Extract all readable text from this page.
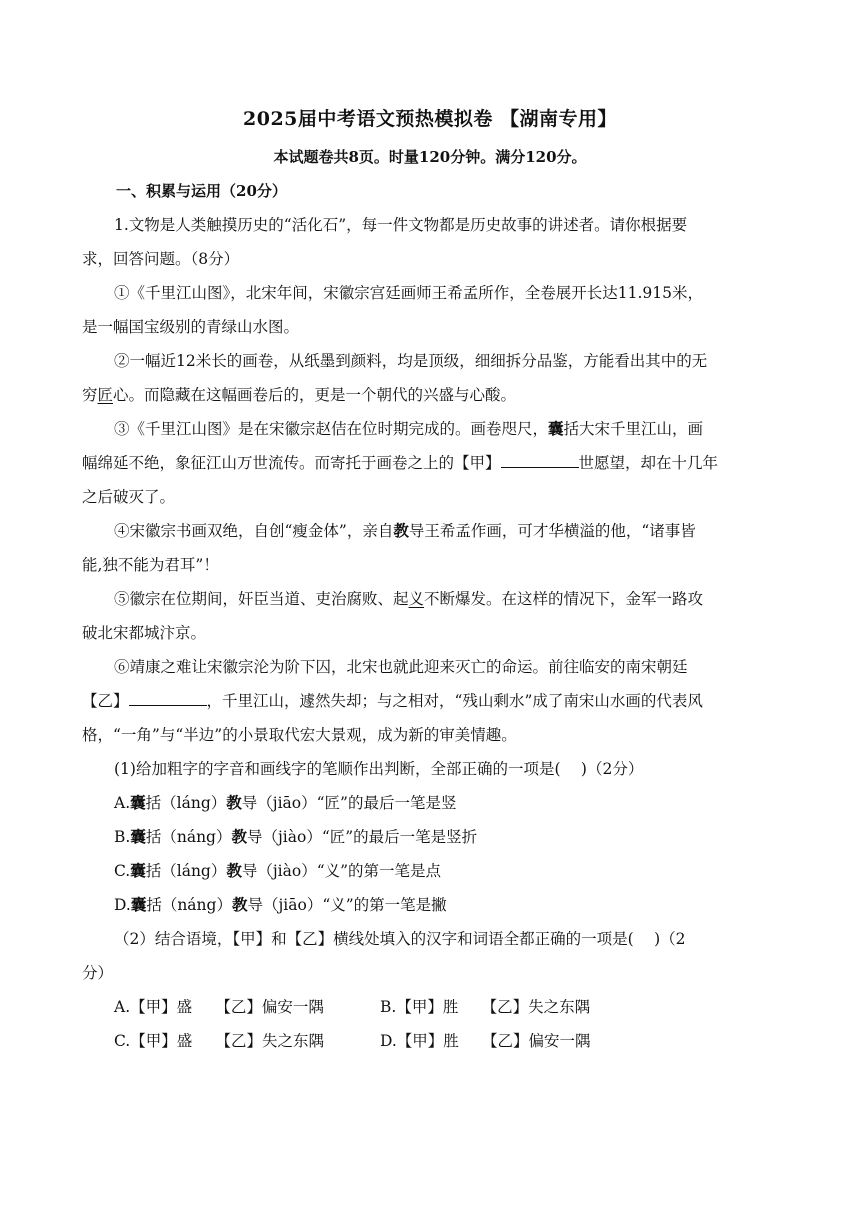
2025届中考语文预热模拟卷 【湖南专用】
本试题卷共8页。时量120分钟。满分120分。
一、积累与运用（20分）
1.文物是人类触摸历史的“活化石”，每一件文物都是历史故事的讲述者。请你根据要
求，回答问题。（8分）
①《千里江山图》，北宋年间，宋徽宗宫廷画师王希孟所作，全卷展开长达11.915米，
是一幅国宝级别的青绿山水图。
②一幅近12米长的画卷，从纸墨到颜料，均是顶级，细细拆分品鉴，方能看出其中的无
穷匠心。而隐藏在这幅画卷后的，更是一个朝代的兴盛与心酸。
③《千里江山图》是在宋徽宗赵佶在位时期完成的。画卷咫尺，囊括大宋千里江山，画
幅绵延不绝，象征江山万世流传。而寄托于画卷之上的【甲】	世愿望，却在十几年
之后破灭了。
④宋徽宗书画双绝，自创“瘦金体”，亲自教导王希孟作画，可才华横溢的他，“诸事皆
能,独不能为君耳”！
⑤徽宗在位期间，奸臣当道、吏治腐败、起义不断爆发。在这样的情况下，金军一路攻
破北宋都城汴京。
⑥靖康之难让宋徽宗沦为阶下囚，北宋也就此迎来灭亡的命运。前往临安的南宋朝廷
【乙】	，千里江山，遽然失却；与之相对，“残山剩水”成了南宋山水画的代表风
格，“一角”与“半边”的小景取代宏大景观，成为新的审美情趣。
(1)给加粗字的字音和画线字的笔顺作出判断，全部正确的一项是(　 )（2分）
A.囊括（láng）教导（jiāo）“匠”的最后一笔是竖
B.囊括（náng）教导（jiào）“匠”的最后一笔是竖折
C.囊括（láng）教导（jiào）“义”的第一笔是点
D.囊括（náng）教导（jiāo）“义”的第一笔是撇
（2）结合语境，【甲】和【乙】横线处填入的汉字和词语全都正确的一项是(　 )（2
分）
A.【甲】盛　　【乙】偏安一隅	B.【甲】胜　　【乙】失之东隅
C.【甲】盛　　【乙】失之东隅	D.【甲】胜　　【乙】偏安一隅
